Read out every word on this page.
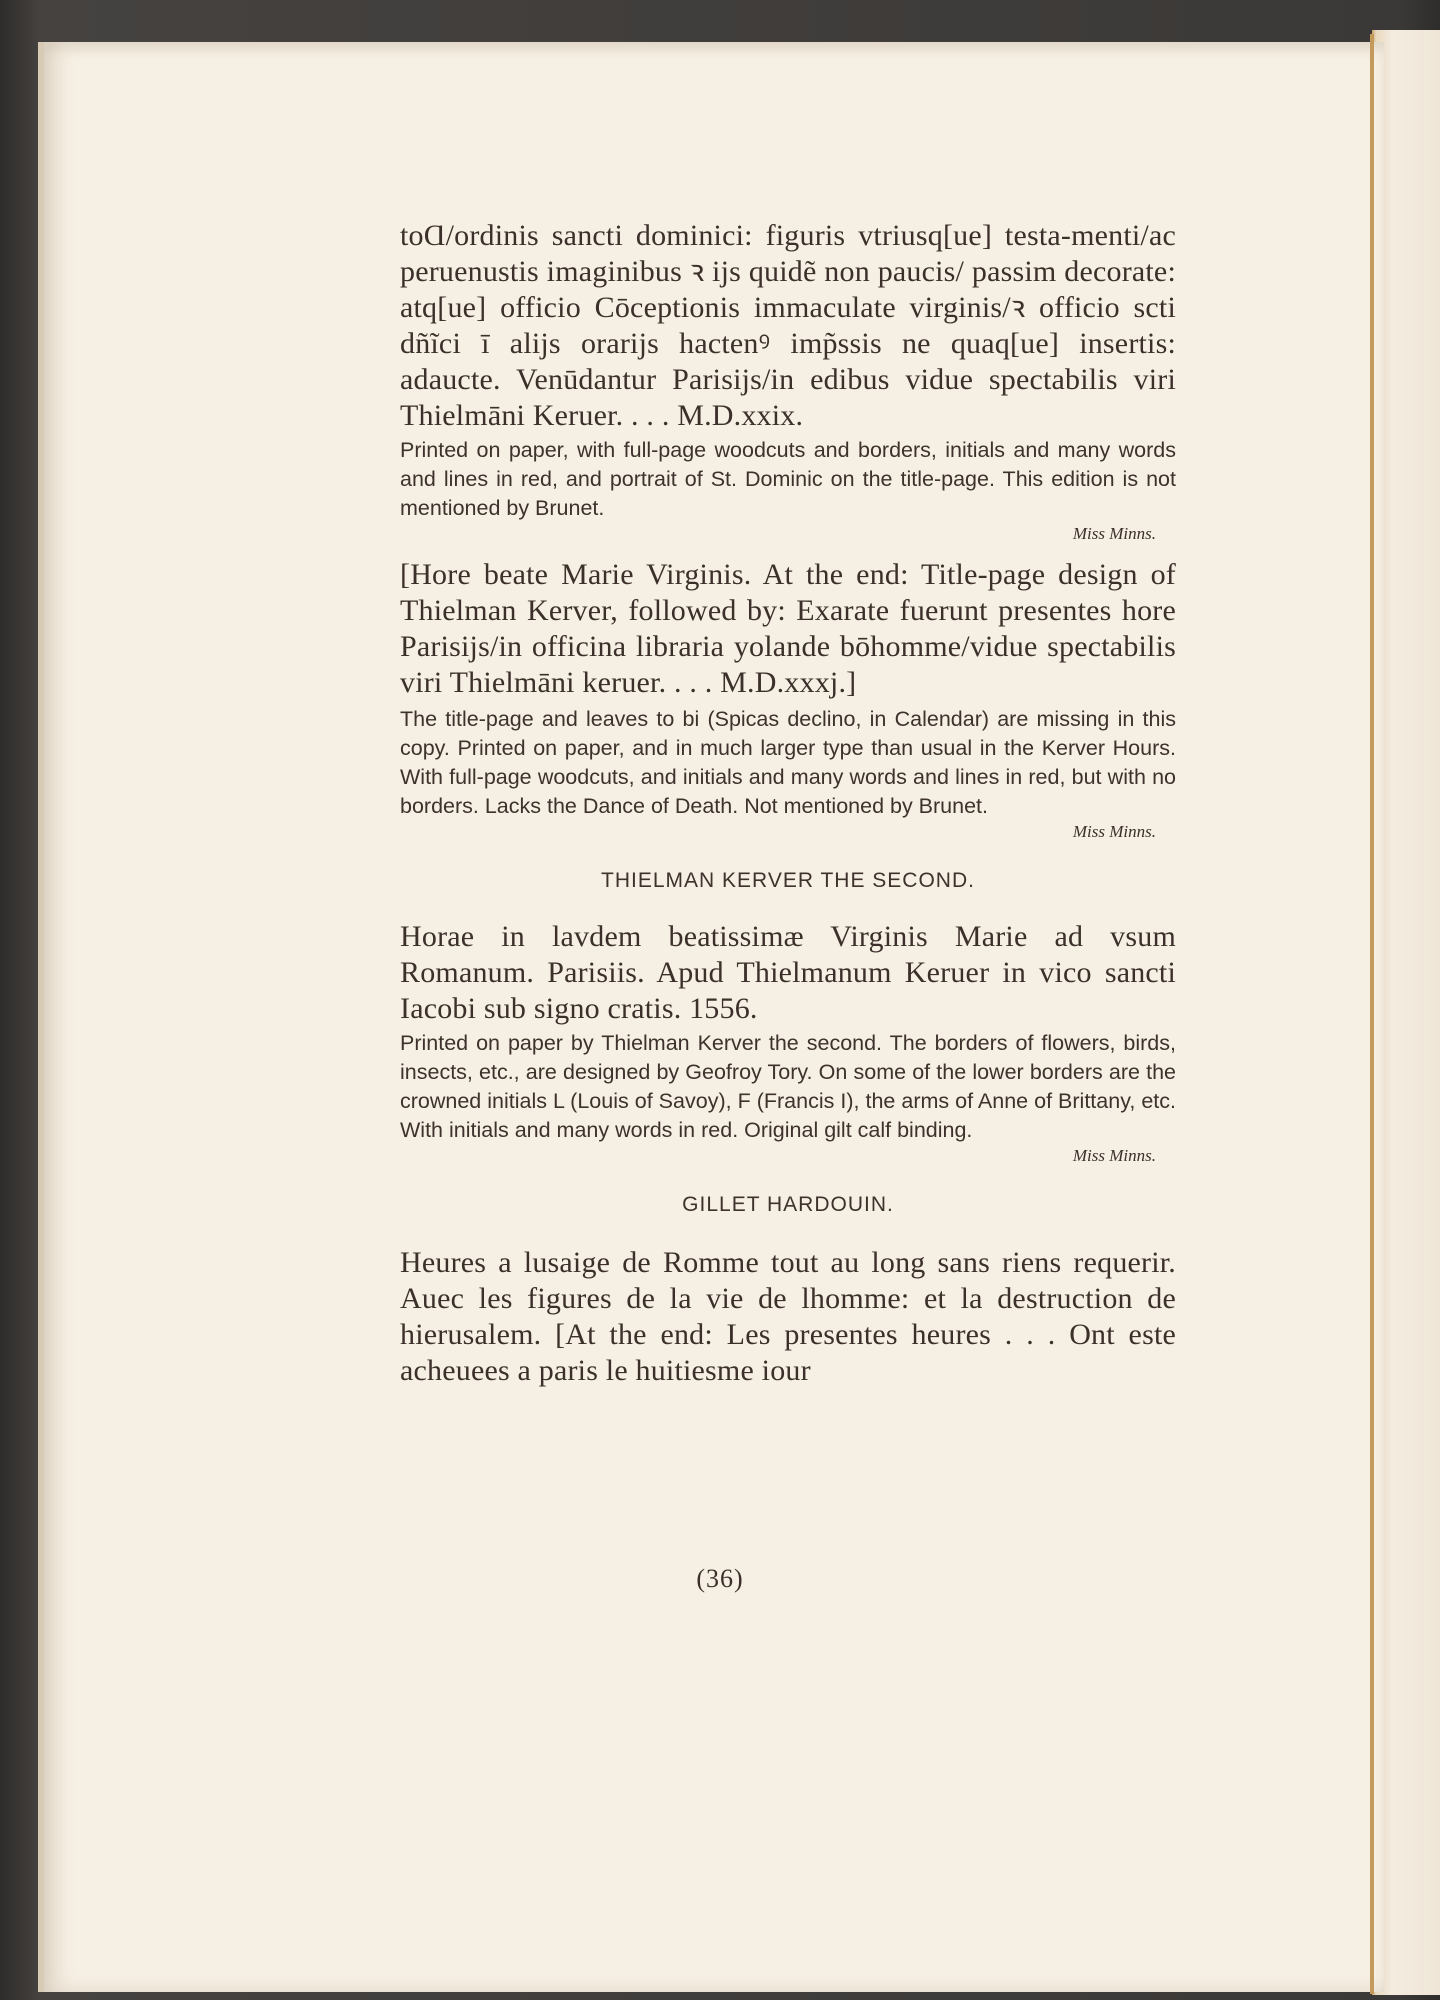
toⱭ/ordinis sancti dominici: figuris vtriusq[ue] testa-menti/ac peruenustis imaginibus ꝛ ijs quidẽ non paucis/ passim decorate: atq[ue] officio Cōceptionis immaculate virginis/ꝛ officio scti dñĩci ī alijs orarijs hactenꝰ imp̃ssis ne quaq[ue] insertis: adaucte. Venūdantur Parisijs/in edibus vidue spectabilis viri Thielmāni Keruer. . . . M.D.xxix.

Printed on paper, with full-page woodcuts and borders, initials and many words and lines in red, and portrait of St. Dominic on the title-page. This edition is not mentioned by Brunet.

Miss Minns.

[Hore beate Marie Virginis. At the end: Title-page design of Thielman Kerver, followed by: Exarate fuerunt presentes hore Parisijs/in officina libraria yolande bōhomme/vidue spectabilis viri Thielmāni keruer. . . . M.D.xxxj.]

The title-page and leaves to bi (Spicas declino, in Calendar) are missing in this copy. Printed on paper, and in much larger type than usual in the Kerver Hours. With full-page woodcuts, and initials and many words and lines in red, but with no borders. Lacks the Dance of Death. Not mentioned by Brunet.

Miss Minns.

THIELMAN KERVER THE SECOND.

Horae in lavdem beatissimæ Virginis Marie ad vsum Romanum. Parisiis. Apud Thielmanum Keruer in vico sancti Iacobi sub signo cratis. 1556.

Printed on paper by Thielman Kerver the second. The borders of flowers, birds, insects, etc., are designed by Geofroy Tory. On some of the lower borders are the crowned initials L (Louis of Savoy), F (Francis I), the arms of Anne of Brittany, etc. With initials and many words in red. Original gilt calf binding.

Miss Minns.

GILLET HARDOUIN.

Heures a lusaige de Romme tout au long sans riens requerir. Auec les figures de la vie de lhomme: et la destruction de hierusalem. [At the end: Les presentes heures . . . Ont este acheuees a paris le huitiesme iour

(36)
